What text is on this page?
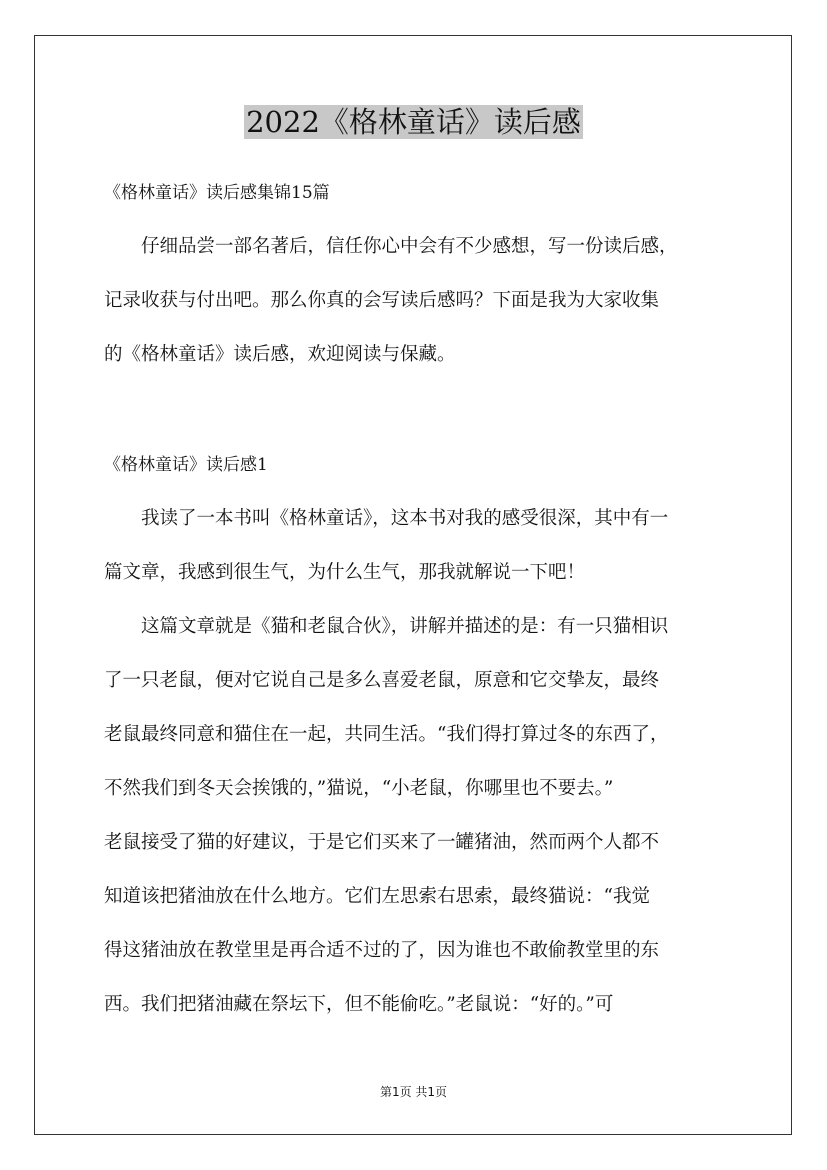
2022《格林童话》读后感

《格林童话》读后感集锦15篇

仔细品尝一部名著后，信任你心中会有不少感想，写一份读后感，

记录收获与付出吧。那么你真的会写读后感吗？下面是我为大家收集

的《格林童话》读后感，欢迎阅读与保藏。

《格林童话》读后感1

我读了一本书叫《格林童话》，这本书对我的感受很深，其中有一

篇文章，我感到很生气，为什么生气，那我就解说一下吧！

这篇文章就是《猫和老鼠合伙》，讲解并描述的是：有一只猫相识

了一只老鼠，便对它说自己是多么喜爱老鼠，原意和它交挚友，最终

老鼠最终同意和猫住在一起，共同生活。“我们得打算过冬的东西了，

不然我们到冬天会挨饿的，”猫说，“小老鼠，你哪里也不要去。”

老鼠接受了猫的好建议，于是它们买来了一罐猪油，然而两个人都不

知道该把猪油放在什么地方。它们左思索右思索，最终猫说：“我觉

得这猪油放在教堂里是再合适不过的了，因为谁也不敢偷教堂里的东

西。我们把猪油藏在祭坛下，但不能偷吃。”老鼠说：“好的。”可

第1页 共1页
